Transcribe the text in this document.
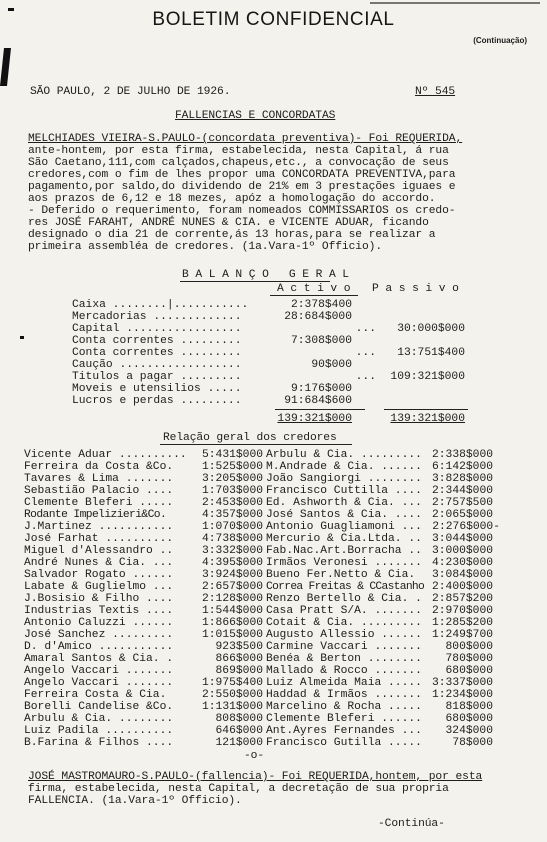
BOLETIM CONFIDENCIAL
(Continuação)
SÃO PAULO, 2 DE JULHO DE 1926.	Nº 545
FALLENCIAS E CONCORDATAS
MELCHIADES VIEIRA-S.PAULO-(concordata preventiva)- Foi REQUERIDA,
ante-hontem, por esta firma, estabelecida, nesta Capital, á rua
São Caetano,111,com calçados,chapeus,etc., a convocação de seus
credores,com o fim de lhes propor uma CONCORDATA PREVENTIVA,para
pagamento,por saldo,do dividendo de 21% em 3 prestações iguaes e
aos prazos de 6,12 e 18 mezes, apóz a homologação do accordo.
- Deferido o requerimento, foram nomeados COMMISSARIOS os credo-
res JOSÉ FARAHT, ANDRÉ NUNES & CIA. e VICENTE ADUAR, ficando
designado o dia 21 de corrente,ás 13 horas,para se realizar a
primeira assembléa de credores. (1a.Vara-1º Officio).
B A L A N Ç O   G E R A L
A c t i v o P a s s i v o
Caixa ........|...........	2:378$400
Mercadorias .............	28:684$000
Capital .................	...	30:000$000
Conta correntes .........	7:308$000
Conta correntes .........	...	13:751$400
Caução ..................	90$000
Titulos a pagar .........	...	109:321$000
Moveis e utensilios .....	9:176$000
Lucros e perdas .........	91:684$600
139:321$000	139:321$000
Relação geral dos credores
Vicente Aduar ..........	5:431$000 Arbulu & Cia. ......... 2:338$000
Ferreira da Costa &Co.	1:525$000 M.Andrade & Cia. ...... 6:142$000
Tavares & Lima .......	3:205$000 João Sangiorgi ........ 3:828$000
Sebastião Palacio ....	1:703$000 Francisco Cuttilla .... 2:344$000
Clemente Bleferi .....	2:453$000 Ed. Ashworth & Cia. ... 2:757$500
Rodante Impelizieri&Co.	4:357$000 José Santos & Cia. .... 2:065$000
J.Martinez ...........	1:070$000 Antonio Guagliamoni ... 2:276$000-
José Farhat ..........	4:738$000 Mercurio & Cia.Ltda. .. 3:044$000
Miguel d'Alessandro ..	3:332$000 Fab.Nac.Art.Borracha .. 3:000$000
André Nunes & Cia. ...	4:395$000 Irmãos Veronesi ....... 4:230$000
Salvador Rogato ......	3:924$000 Bueno Fer.Netto & Cia.	3:084$000
Labate & Guglielmo ...	2:657$000 Correa Freitas & CCastanho 2:400$000
J.Bosisio & Filho ....	2:128$000 Renzo Bertello & Cia. . 2:857$200
Industrias Textis ....	1:544$000 Casa Pratt S/A. ....... 2:970$000
Antonio Caluzzi ......	1:866$000 Cotait & Cia. ......... 1:285$200
José Sanchez .........	1:015$000 Augusto Allessio ...... 1:249$700
D. d'Amico ...........	923$500 Carmine Vaccari .......	800$000
Amaral Santos & Cia. .	866$000 Benéa & Berton ........	780$000
Angelo Vaccari .......	869$000 Mallado & Rocco .......	680$000
Angelo Vaccari .......	1:975$400 Luiz Almeida Maia ..... 3:337$000
Ferreira Costa & Cia.	2:550$000 Haddad & Irmãos ....... 1:234$000
Borelli Candelise &Co.	1:131$000 Marcelino & Rocha .....	818$000
Arbulu & Cia. ........	808$000 Clemente Bleferi ......	680$000
Luiz Padila ..........	646$000 Ant.Ayres Fernandes ...	324$000
B.Farina & Filhos ....	121$000 Francisco Gutilla .....	78$000
-o-
JOSÉ MASTROMAURO-S.PAULO-(fallencia)- Foi REQUERIDA,hontem, por esta
firma, estabelecida, nesta Capital, a decretação de sua propria
FALLENCIA. (1a.Vara-1º Officio).
-Continúa-
